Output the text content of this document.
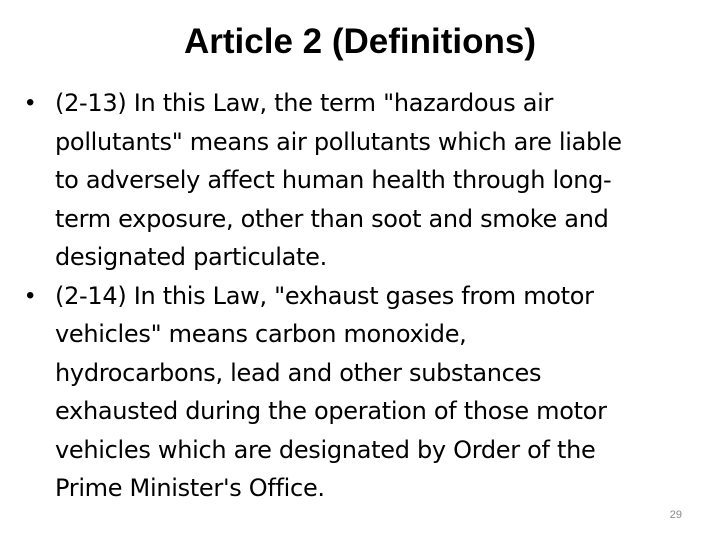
Article 2 (Definitions)
• (2-13) In this Law, the term "hazardous air
pollutants" means air pollutants which are liable
to adversely affect human health through long-
term exposure, other than soot and smoke and
designated particulate.
• (2-14) In this Law, "exhaust gases from motor
vehicles" means carbon monoxide,
hydrocarbons, lead and other substances
exhausted during the operation of those motor
vehicles which are designated by Order of the
Prime Minister's Office.
29
